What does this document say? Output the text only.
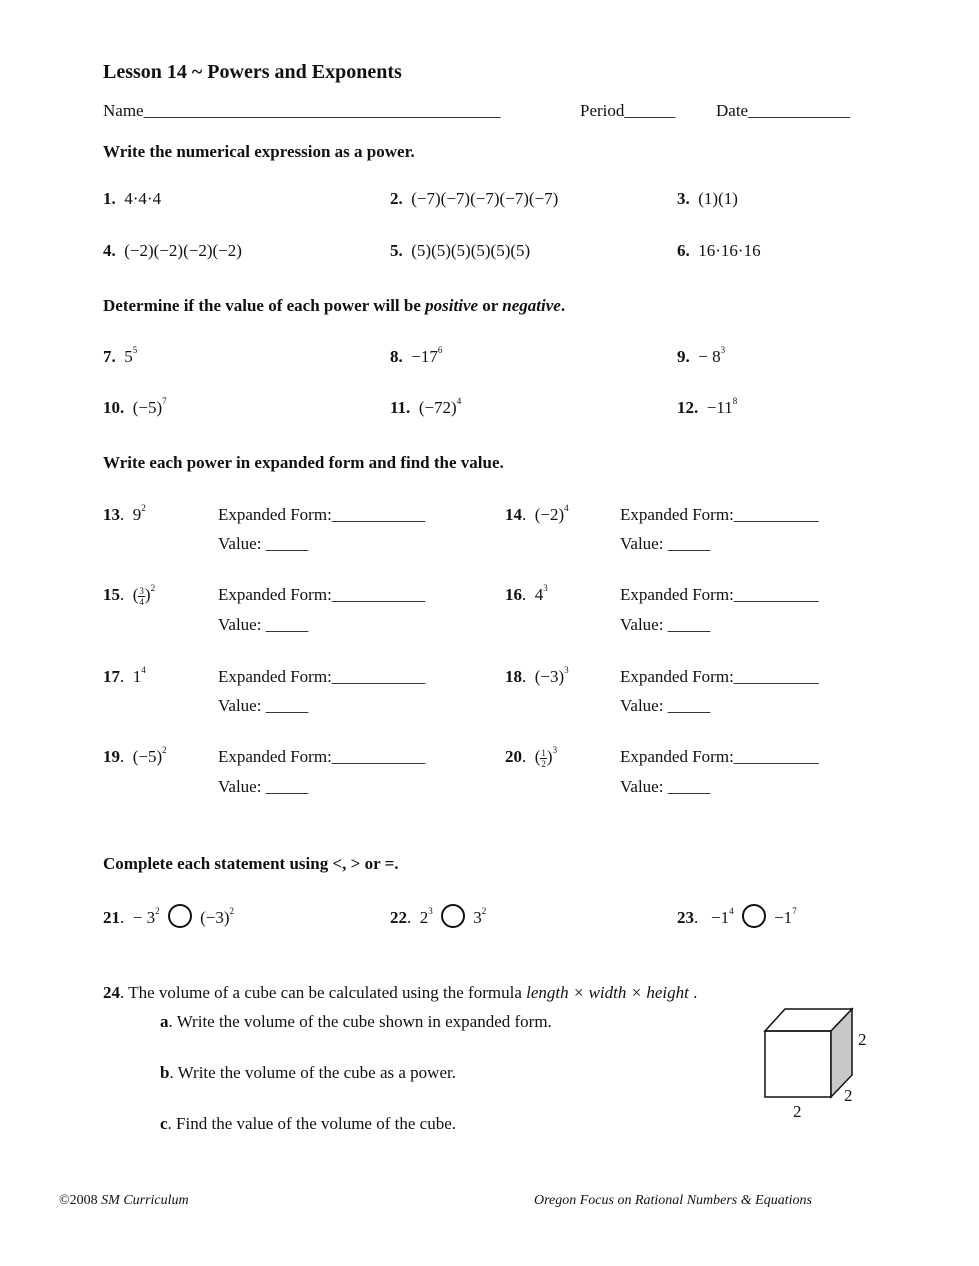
Lesson 14 ~ Powers and Exponents
Name__________________________________________	Period______ Date____________
Write the numerical expression as a power.
1. 4·4·4	2. (−7)(−7)(−7)(−7)(−7)	3. (1)(1)
4. (−2)(−2)(−2)(−2)	5. (5)(5)(5)(5)(5)(5)	6. 16·16·16
Determine if the value of each power will be positive or negative.
7. $5^5$	8. $-17^6$	9. − $8^3$
10. $(-5)^7$	11. $(-72)^4$	12. $-11^8$
Write each power in expanded form and find the value.
13.  $9^2$	Expanded Form:___________
Value: _____
14.  $(-2)^4$	Expanded Form:__________
Value: _____
15.  ( $\frac{3}{4} )^2$	Expanded Form:___________
Value: _____
16.  $4^3$	Expanded Form:__________
Value: _____
17.  $1^4$	Expanded Form:___________
Value: _____
18.  $(-3)^3$	Expanded Form:__________
Value: _____
19.  $(-5)^2$	Expanded Form:___________
Value: _____
20.  ( $\frac{1}{2} )^3$	Expanded Form:__________
Value: _____
Complete each statement using <, > or =.
21.  − $3^2$ $(-3)^2$	22.  $2^3$ $3^2$	23.   $-1^4 -1^7$
24. The volume of a cube can be calculated using the formula length × width × height .
a. Write the volume of the cube shown in expanded form.
b. Write the volume of the cube as a power.
c. Find the value of the volume of the cube.
2
2
2
©2008 SM Curriculum	Oregon Focus on Rational Numbers & Equations
